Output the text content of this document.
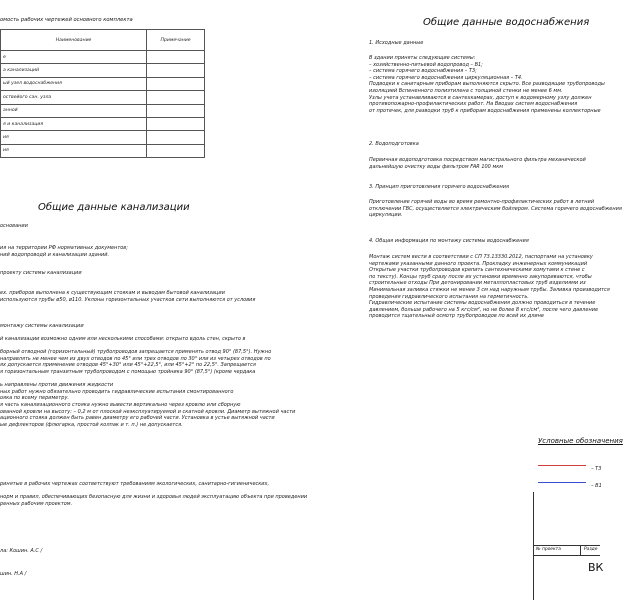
омость рабочих чертежей основного комплекта
Наименование	Примечание
е	
а канализаций	
ый узел водоснабжения	
оствейого сан. узла	
анной	
я и канализация	
ия	
ия	
Общие данные канализации
основании
ия на территории РФ нормативных документов;
ний водопроводй и канализации зданий.
проекту системы канализации
ех. приборов выполнена к существующим стоякам и выводам бытовой канализации
используются трубы ø50, ø110. Уклоны горизонтальных участков сети выполняются от условия
монтажу системы канализации
й канализации возможно одним или несколькими способами: открыто вдоль стен, скрыто в
борный отводной (горизонтальный) трубопроводов запрещается применять отвод 90° (87,5°). Нужно
направлять не менее чем из двух отводов по 45° или трех отводов по 30° или из четырех отводов по
ях допускается применение отводов 45°+30° или 45°+22,5°, или 45°+2° по 22,5°. Запрещается
я горизонтальным транзитным трубопроводом с помощью тройника 90° (87,5°) (кроме чердака
ь направлены против движения жидкости
ных работ нужно обязательно проводить гидравлические испытания смонтированного
ояка по всему периметру.
я часть канализационного стояка нужно вывести вертикально через кровлю или сборную
ованной кровли на высоту: – 0,2 м от плоской неэксплуатируемой и скатной кровли. Диаметр вытяжной части
ационного стояка должен быть равен диаметру его рабочей части. Установка в устье вытяжной части
ые дефлекторов (флюгарка, простой колпак и т. п.) не допускается.
ринятые в рабочих чертежах соответствуют требованиям экологических, санитарно-гигиенических,
норм и правил, обеспечивающих безопасную для жизни и здоровья людей эксплуатацию объекта при проведении
ренных рабочим проектом.
ла: Кошин. А.С /
шин. Н.А /
Общие данные водоснабжения
1. Исходные данные
В здании приняты следующие системы:
– хозяйственно-питьевой водопровод – В1;
– система горячего водоснабжения – Т3;
– система горячего водоснабжения циркуляционная – Т4.
Подводки к санитарным приборам выполняются скрыто. Все разводящие трубопроводы
изоляцией Вспененного полиэтилена с толщиной стенки не менее 6 мм.
Узлы учета устанавливаются в сантехкамерах, доступ к водомерному узлу должен
противопожарно-профилактических работ. На Вводах систем водоснабжения
от протечек, для разводки труб к приборам водоснабжения применены коллекторные
2. Водоподготовка
Первичная водоподготовка посредством магистрального фильтра механической
дальнейшую очистку воды фильтром FAR 100 мкм
3. Принцип приготовления горячего водоснабжения
Приготовление горячей воды во время ремонтно-профилактических работ в летний
отключении ГВС, осуществляется электрическим бойлером. Система горячего водоснабжения
циркуляции.
4. Общая информация по монтажу системы водоснабжения
Монтаж систем вести в соответствии с СП 73.13330.2012, паспортами на установку
чертежами указанными данного проекта. Прокладку инженерных коммуникаций
Открытые участки трубопроводов крепить сантехническими хомутами к стене с
по тексту). Концы труб сразу после их установки временно закупориваются, чтобы
строительные отходы При детонировании металлопластовых труб изделиями из
Минимальная заливка стяжки не менее 3 см над наружным трубы. Заливка производится
проведения гидравлического испытания на герметичность.
Гидравлические испытание системы водоснабжения должно проводиться в течение
давлением, больше рабочего на 5 кгс/см², но не более 8 кгс/см², после чего давление
проводится тщательный осмотр трубопроводов по всей их длине
Условные обозначения
– Т3
– В1
№ проекта	Разде
ВК
